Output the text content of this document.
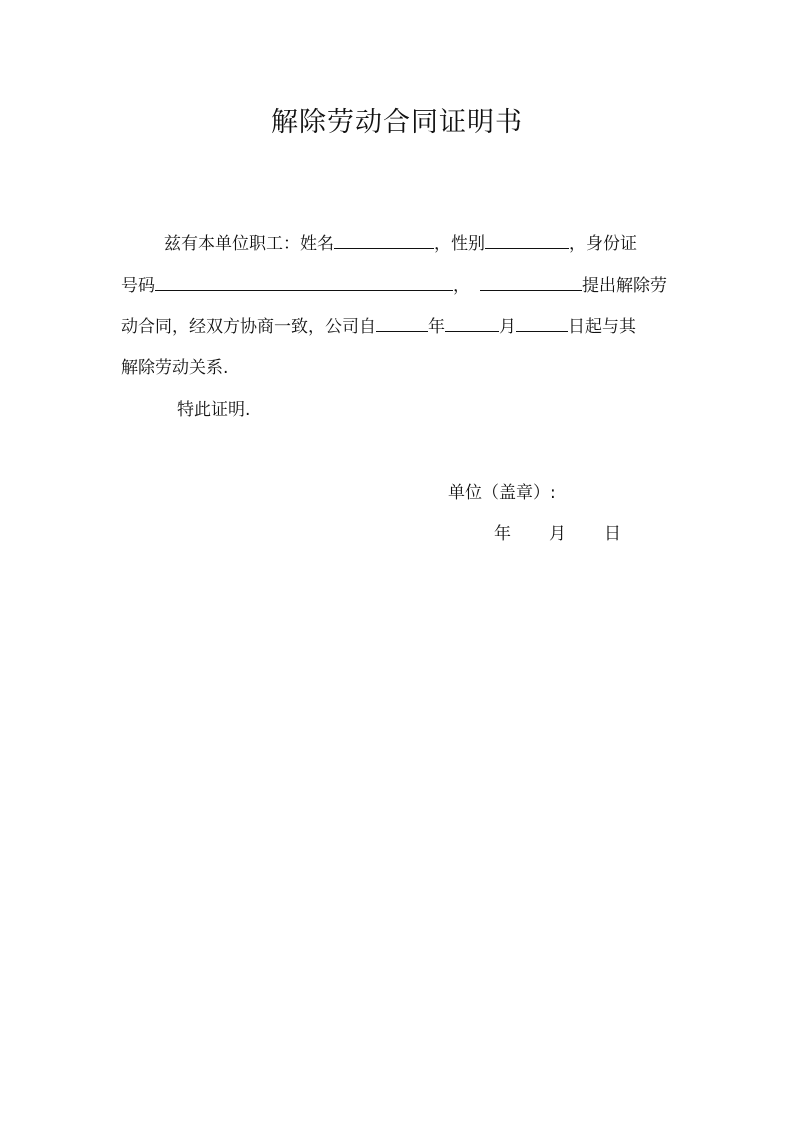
解除劳动合同证明书
兹有本单位职工：姓名	，性别	，身份证
号码	，	提出解除劳
动合同，经双方协商一致，公司自	年	月	日起与其
解除劳动关系.
特此证明.
单位（盖章）:
年 月 日
